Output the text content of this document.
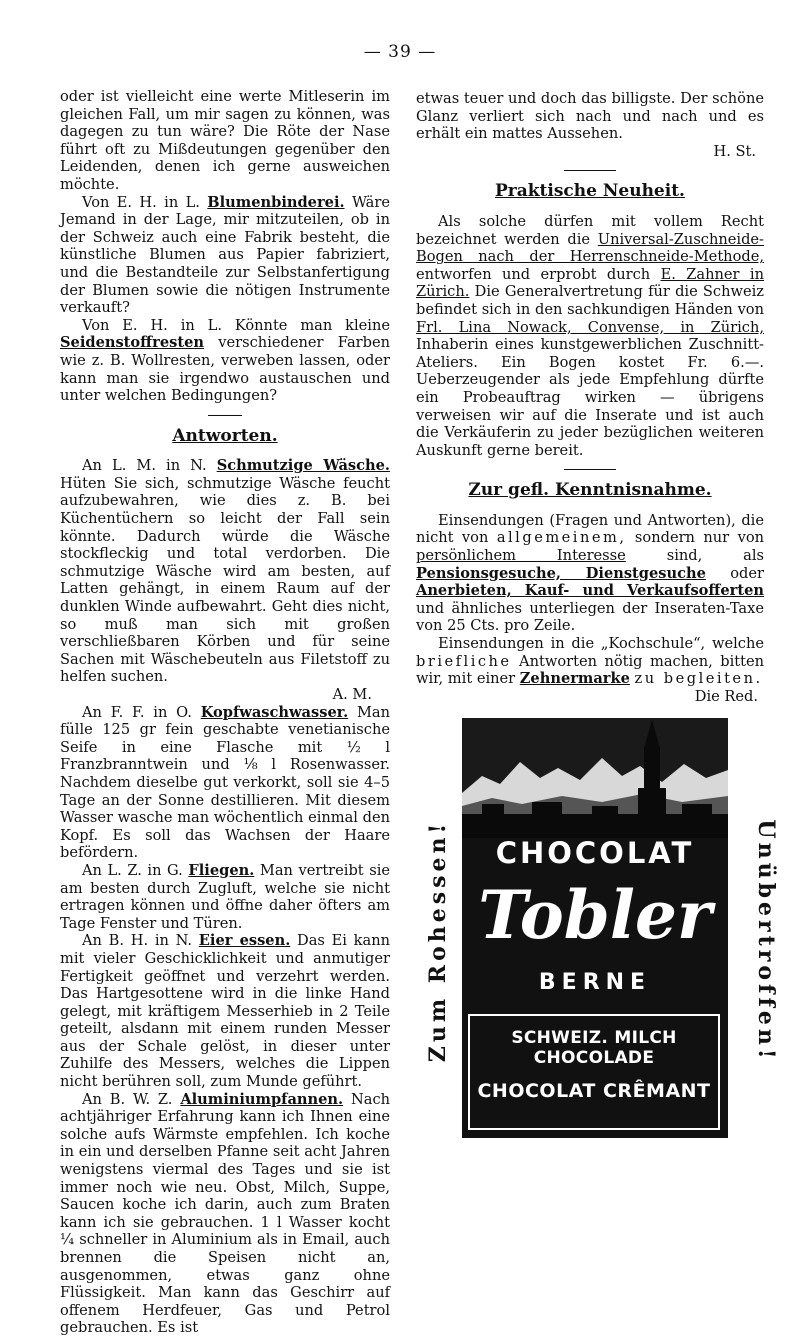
— 39 —

oder ist vielleicht eine werte Mitleserin im gleichen Fall, um mir sagen zu können, was dagegen zu tun wäre? Die Röte der Nase führt oft zu Mißdeutungen gegenüber den Leidenden, denen ich gerne ausweichen möchte.

Von E. H. in L. Blumenbinderei. Wäre Jemand in der Lage, mir mitzuteilen, ob in der Schweiz auch eine Fabrik besteht, die künstliche Blumen aus Papier fabriziert, und die Bestandteile zur Selbstanfertigung der Blumen sowie die nötigen Instrumente verkauft?

Von E. H. in L. Könnte man kleine Seidenstoffresten verschiedener Farben wie z. B. Wollresten, verweben lassen, oder kann man sie irgendwo austauschen und unter welchen Bedingungen?

Antworten.

An L. M. in N. Schmutzige Wäsche. Hüten Sie sich, schmutzige Wäsche feucht aufzubewahren, wie dies z. B. bei Küchentüchern so leicht der Fall sein könnte. Dadurch würde die Wäsche stockfleckig und total verdorben. Die schmutzige Wäsche wird am besten, auf Latten gehängt, in einem Raum auf der dunklen Winde aufbewahrt. Geht dies nicht, so muß man sich mit großen verschließbaren Körben und für seine Sachen mit Wäschebeuteln aus Filetstoff zu helfen suchen.

A. M.

An F. F. in O. Kopfwaschwasser. Man fülle 125 gr fein geschabte venetianische Seife in eine Flasche mit ½ l Franzbranntwein und ⅛ l Rosenwasser. Nachdem dieselbe gut verkorkt, soll sie 4–5 Tage an der Sonne destillieren. Mit diesem Wasser wasche man wöchentlich einmal den Kopf. Es soll das Wachsen der Haare befördern.

An L. Z. in G. Fliegen. Man vertreibt sie am besten durch Zugluft, welche sie nicht ertragen können und öffne daher öfters am Tage Fenster und Türen.

An B. H. in N. Eier essen. Das Ei kann mit vieler Geschicklichkeit und anmutiger Fertigkeit geöffnet und verzehrt werden. Das Hartgesottene wird in die linke Hand gelegt, mit kräftigem Messerhieb in 2 Teile geteilt, alsdann mit einem runden Messer aus der Schale gelöst, in dieser unter Zuhilfe des Messers, welches die Lippen nicht berühren soll, zum Munde geführt.

An B. W. Z. Aluminiumpfannen. Nach achtjähriger Erfahrung kann ich Ihnen eine solche aufs Wärmste empfehlen. Ich koche in ein und derselben Pfanne seit acht Jahren wenigstens viermal des Tages und sie ist immer noch wie neu. Obst, Milch, Suppe, Saucen koche ich darin, auch zum Braten kann ich sie gebrauchen. 1 l Wasser kocht ¼ schneller in Aluminium als in Email, auch brennen die Speisen nicht an, ausgenommen, etwas ganz ohne Flüssigkeit. Man kann das Geschirr auf offenem Herdfeuer, Gas und Petrol gebrauchen. Es ist

etwas teuer und doch das billigste. Der schöne Glanz verliert sich nach und nach und es erhält ein mattes Aussehen.

H. St.
Praktische Neuheit.

Als solche dürfen mit vollem Recht bezeichnet werden die Universal-Zuschneide-Bogen nach der Herrenschneide-Methode, entworfen und erprobt durch E. Zahner in Zürich. Die Generalvertretung für die Schweiz befindet sich in den sachkundigen Händen von Frl. Lina Nowack, Convense, in Zürich, Inhaberin eines kunstgewerblichen Zuschnitt-Ateliers. Ein Bogen kostet Fr. 6.—. Ueberzeugender als jede Empfehlung dürfte ein Probeauftrag wirken — übrigens verweisen wir auf die Inserate und ist auch die Verkäuferin zu jeder bezüglichen weiteren Auskunft gerne bereit.

Zur gefl. Kenntnisnahme.

Einsendungen (Fragen und Antworten), die nicht von allgemeinem, sondern nur von persönlichem Interesse	sind, als Pensionsgesuche, Dienstgesuche oder Anerbieten, Kauf- und Verkaufsofferten und ähnliches unterliegen der Inseraten-Taxe von 25 Cts. pro Zeile.

Einsendungen in die „Kochschule“, welche briefliche Antworten nötig machen, bitten wir, mit einer Zehnermarke zu begleiten.

Die Red.
Zum Rohessen!	CHOCOLAT
Tobler
BERNE
SCHWEIZ. MILCH CHOCOLADE
CHOCOLAT CRÊMANT
Unübertroffen!
